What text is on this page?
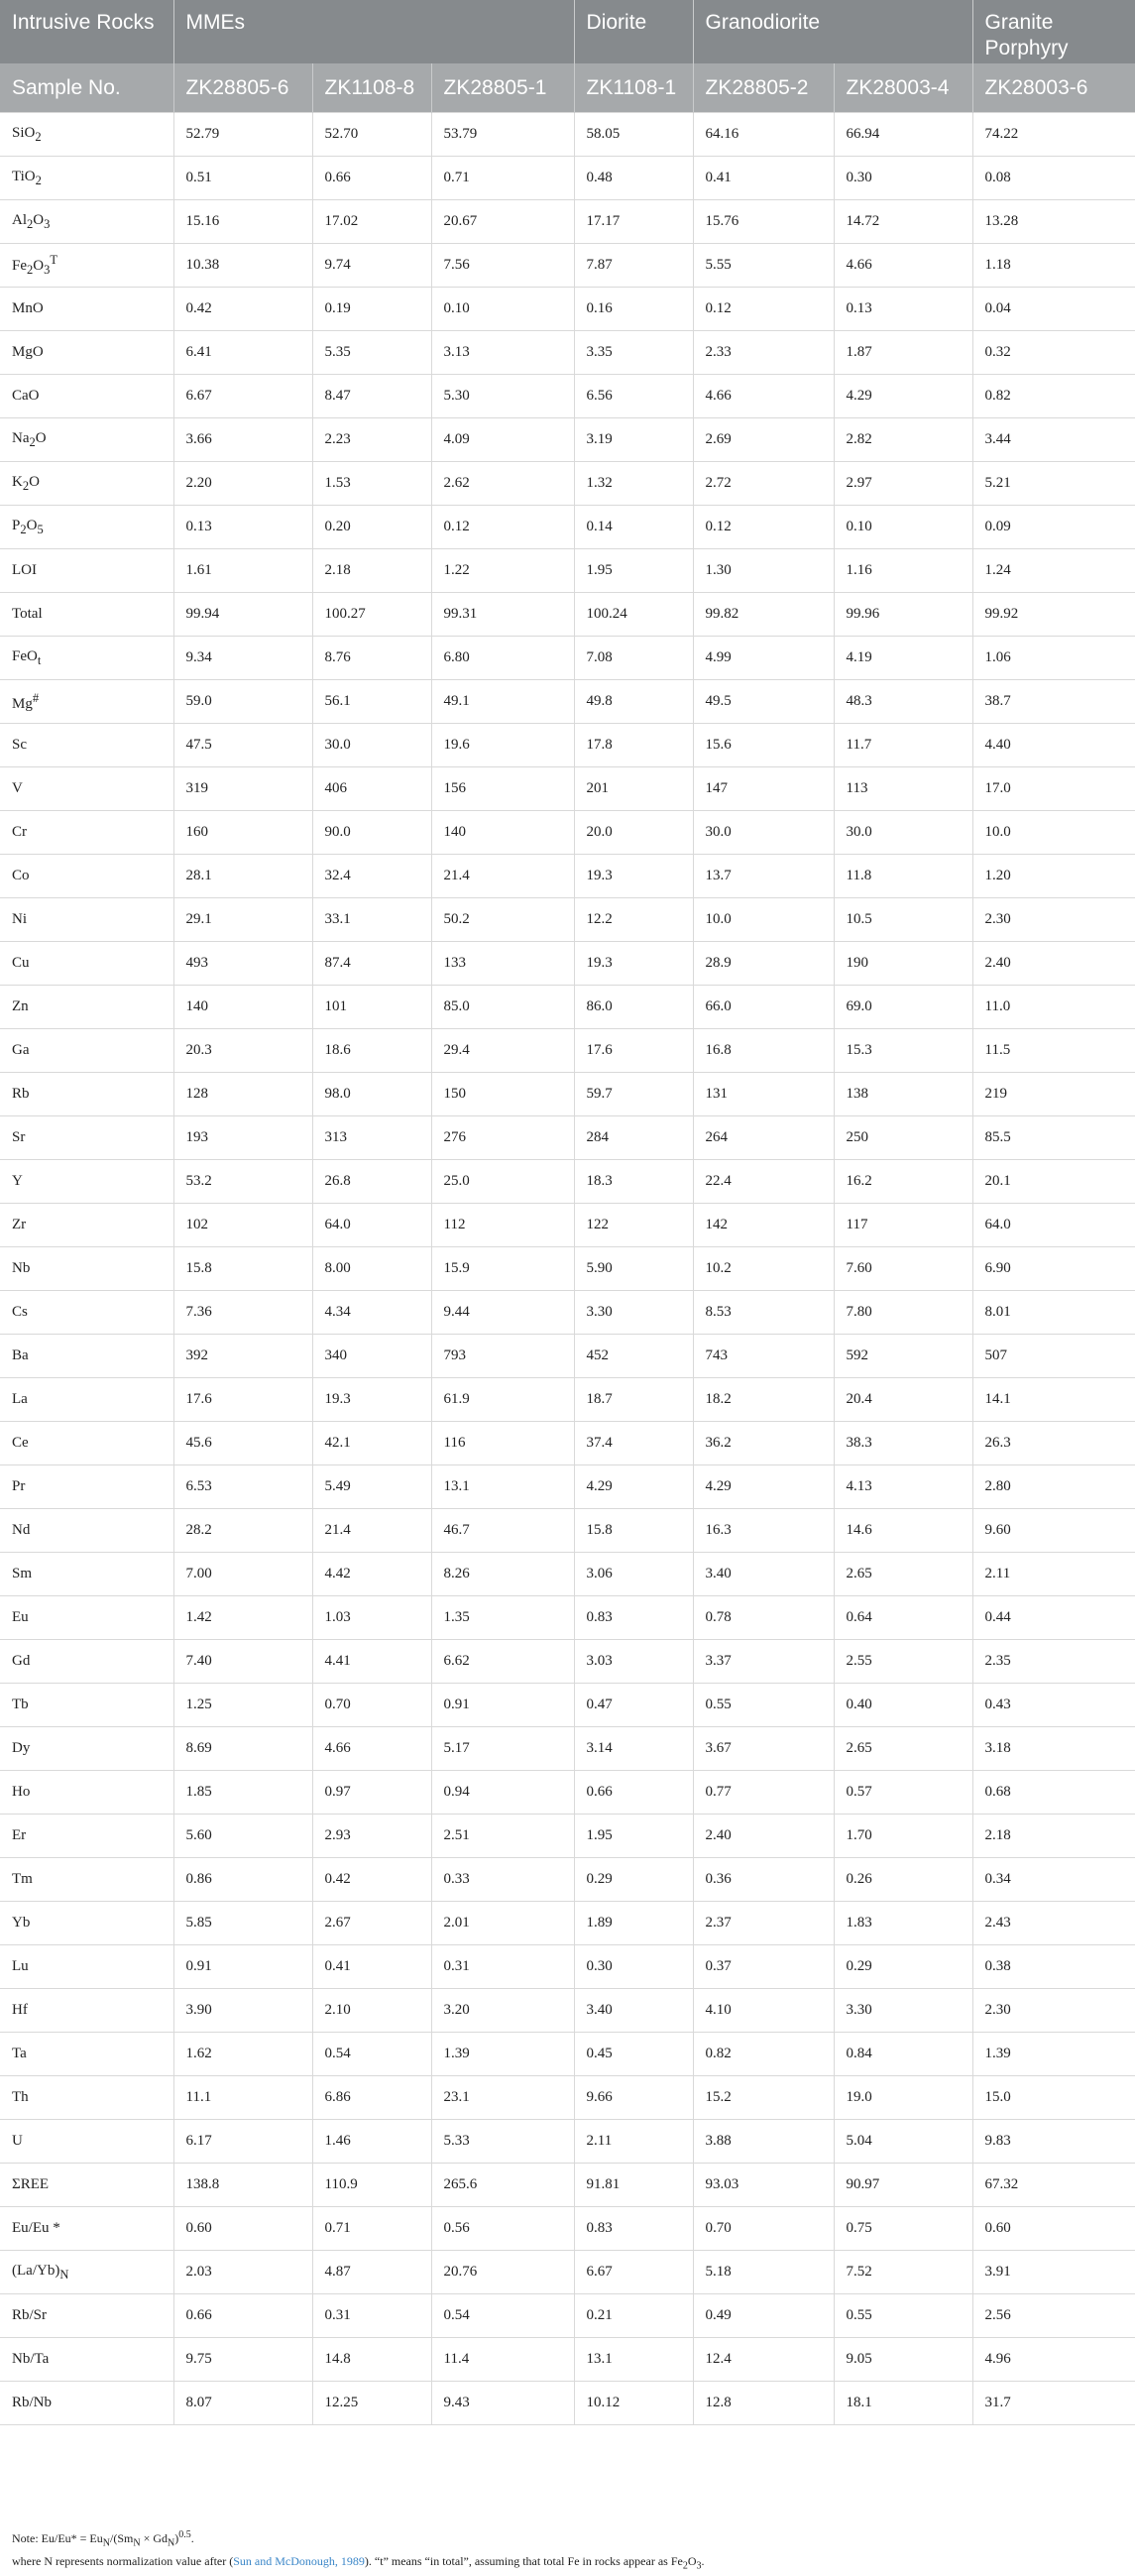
Intrusive Rocks	MMEs			Diorite	Granodiorite		Granite Porphyry
Sample No.	ZK28805-6	ZK1108-8	ZK28805-1	ZK1108-1	ZK28805-2	ZK28003-4	ZK28003-6
SiO$_2$	52.79	52.70	53.79	58.05	64.16	66.94	74.22
TiO$_2$	0.51	0.66	0.71	0.48	0.41	0.30	0.08
$Al_2O_3$	15.16	17.02	20.67	17.17	15.76	14.72	13.28
$Fe_2O_3^T$	10.38	9.74	7.56	7.87	5.55	4.66	1.18
MnO	0.42	0.19	0.10	0.16	0.12	0.13	0.04
MgO	6.41	5.35	3.13	3.35	2.33	1.87	0.32
CaO	6.67	8.47	5.30	6.56	4.66	4.29	0.82
$Na_2O$	3.66	2.23	4.09	3.19	2.69	2.82	3.44
$K_2O$	2.20	1.53	2.62	1.32	2.72	2.97	5.21
$P_2O_5$	0.13	0.20	0.12	0.14	0.12	0.10	0.09
LOI	1.61	2.18	1.22	1.95	1.30	1.16	1.24
Total	99.94	100.27	99.31	100.24	99.82	99.96	99.92
FeO$_t$	9.34	8.76	6.80	7.08	4.99	4.19	1.06
Mg#	59.0	56.1	49.1	49.8	49.5	48.3	38.7
Sc	47.5	30.0	19.6	17.8	15.6	11.7	4.40
V	319	406	156	201	147	113	17.0
Cr	160	90.0	140	20.0	30.0	30.0	10.0
Co	28.1	32.4	21.4	19.3	13.7	11.8	1.20
Ni	29.1	33.1	50.2	12.2	10.0	10.5	2.30
Cu	493	87.4	133	19.3	28.9	190	2.40
Zn	140	101	85.0	86.0	66.0	69.0	11.0
Ga	20.3	18.6	29.4	17.6	16.8	15.3	11.5
Rb	128	98.0	150	59.7	131	138	219
Sr	193	313	276	284	264	250	85.5
Y	53.2	26.8	25.0	18.3	22.4	16.2	20.1
Zr	102	64.0	112	122	142	117	64.0
Nb	15.8	8.00	15.9	5.90	10.2	7.60	6.90
Cs	7.36	4.34	9.44	3.30	8.53	7.80	8.01
Ba	392	340	793	452	743	592	507
La	17.6	19.3	61.9	18.7	18.2	20.4	14.1
Ce	45.6	42.1	116	37.4	36.2	38.3	26.3
Pr	6.53	5.49	13.1	4.29	4.29	4.13	2.80
Nd	28.2	21.4	46.7	15.8	16.3	14.6	9.60
Sm	7.00	4.42	8.26	3.06	3.40	2.65	2.11
Eu	1.42	1.03	1.35	0.83	0.78	0.64	0.44
Gd	7.40	4.41	6.62	3.03	3.37	2.55	2.35
Tb	1.25	0.70	0.91	0.47	0.55	0.40	0.43
Dy	8.69	4.66	5.17	3.14	3.67	2.65	3.18
Ho	1.85	0.97	0.94	0.66	0.77	0.57	0.68
Er	5.60	2.93	2.51	1.95	2.40	1.70	2.18
Tm	0.86	0.42	0.33	0.29	0.36	0.26	0.34
Yb	5.85	2.67	2.01	1.89	2.37	1.83	2.43
Lu	0.91	0.41	0.31	0.30	0.37	0.29	0.38
Hf	3.90	2.10	3.20	3.40	4.10	3.30	2.30
Ta	1.62	0.54	1.39	0.45	0.82	0.84	1.39
Th	11.1	6.86	23.1	9.66	15.2	19.0	15.0
U	6.17	1.46	5.33	2.11	3.88	5.04	9.83
ΣREE	138.8	110.9	265.6	91.81	93.03	90.97	67.32
Eu/Eu *	0.60	0.71	0.56	0.83	0.70	0.75	0.60
$(La/Yb)_N$	2.03	4.87	20.76	6.67	5.18	7.52	3.91
Rb/Sr	0.66	0.31	0.54	0.21	0.49	0.55	2.56
Nb/Ta	9.75	14.8	11.4	13.1	12.4	9.05	4.96
Rb/Nb	8.07	12.25	9.43	10.12	12.8	18.1	31.7
Note: $Eu/Eu* = Eu_N/(Sm_N \times Gd_N)^{0.5}$.
where N represents normalization value after (Sun and McDonough, 1989). “t” means “in total”, assuming that total Fe in rocks appear as $Fe_2O_3$.
